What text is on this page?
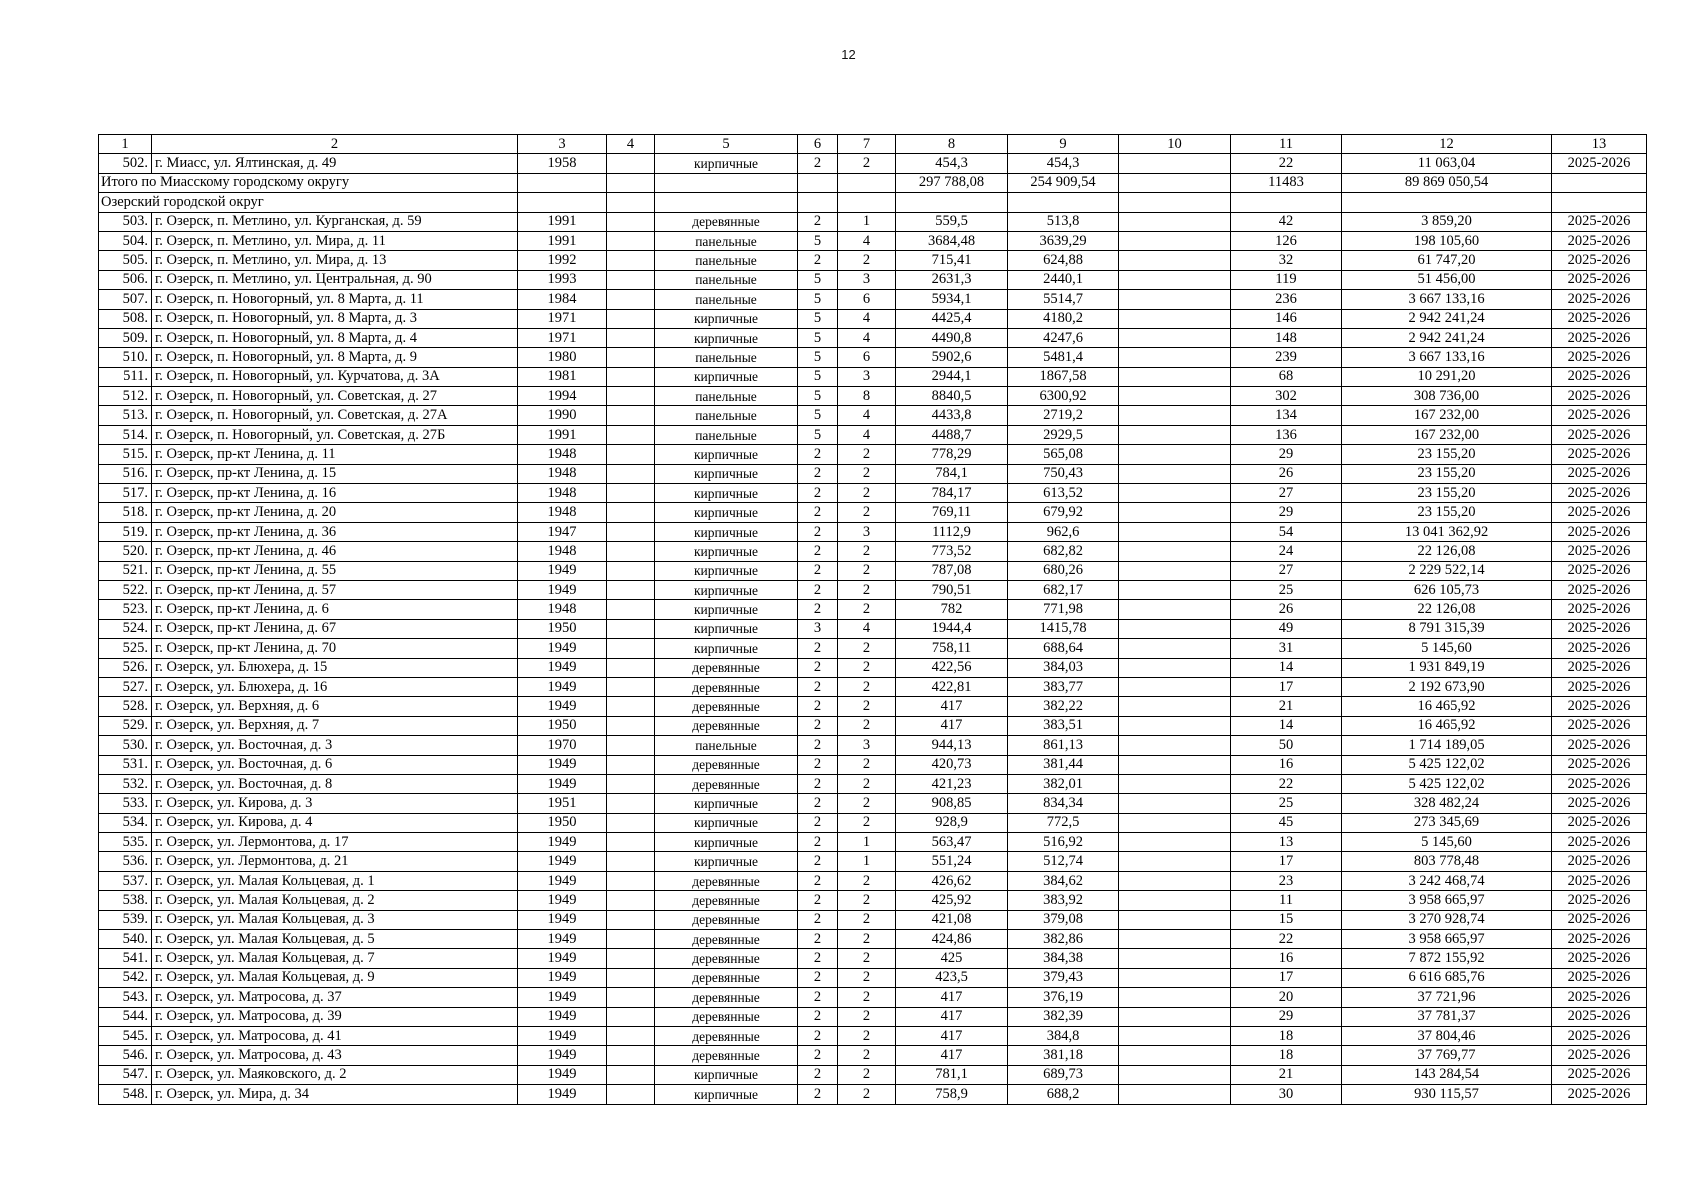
12
1	2	3	4	5	6	7	8	9	10	11	12	13
502.	г. Миасс, ул. Ялтинская, д. 49	1958		кирпичные	2	2	454,3	454,3		22	11 063,04	2025-2026
Итого по Миасскому городскому округу							297 788,08	254 909,54		11483	89 869 050,54	
Озерский городской округ												
503.	г. Озерск, п. Метлино, ул. Курганская, д. 59	1991		деревянные	2	1	559,5	513,8		42	3 859,20	2025-2026
504.	г. Озерск, п. Метлино, ул. Мира, д. 11	1991		панельные	5	4	3684,48	3639,29		126	198 105,60	2025-2026
505.	г. Озерск, п. Метлино, ул. Мира, д. 13	1992		панельные	2	2	715,41	624,88		32	61 747,20	2025-2026
506.	г. Озерск, п. Метлино, ул. Центральная, д. 90	1993		панельные	5	3	2631,3	2440,1		119	51 456,00	2025-2026
507.	г. Озерск, п. Новогорный, ул. 8 Марта, д. 11	1984		панельные	5	6	5934,1	5514,7		236	3 667 133,16	2025-2026
508.	г. Озерск, п. Новогорный, ул. 8 Марта, д. 3	1971		кирпичные	5	4	4425,4	4180,2		146	2 942 241,24	2025-2026
509.	г. Озерск, п. Новогорный, ул. 8 Марта, д. 4	1971		кирпичные	5	4	4490,8	4247,6		148	2 942 241,24	2025-2026
510.	г. Озерск, п. Новогорный, ул. 8 Марта, д. 9	1980		панельные	5	6	5902,6	5481,4		239	3 667 133,16	2025-2026
511.	г. Озерск, п. Новогорный, ул. Курчатова, д. 3А	1981		кирпичные	5	3	2944,1	1867,58		68	10 291,20	2025-2026
512.	г. Озерск, п. Новогорный, ул. Советская, д. 27	1994		панельные	5	8	8840,5	6300,92		302	308 736,00	2025-2026
513.	г. Озерск, п. Новогорный, ул. Советская, д. 27А	1990		панельные	5	4	4433,8	2719,2		134	167 232,00	2025-2026
514.	г. Озерск, п. Новогорный, ул. Советская, д. 27Б	1991		панельные	5	4	4488,7	2929,5		136	167 232,00	2025-2026
515.	г. Озерск, пр-кт Ленина, д. 11	1948		кирпичные	2	2	778,29	565,08		29	23 155,20	2025-2026
516.	г. Озерск, пр-кт Ленина, д. 15	1948		кирпичные	2	2	784,1	750,43		26	23 155,20	2025-2026
517.	г. Озерск, пр-кт Ленина, д. 16	1948		кирпичные	2	2	784,17	613,52		27	23 155,20	2025-2026
518.	г. Озерск, пр-кт Ленина, д. 20	1948		кирпичные	2	2	769,11	679,92		29	23 155,20	2025-2026
519.	г. Озерск, пр-кт Ленина, д. 36	1947		кирпичные	2	3	1112,9	962,6		54	13 041 362,92	2025-2026
520.	г. Озерск, пр-кт Ленина, д. 46	1948		кирпичные	2	2	773,52	682,82		24	22 126,08	2025-2026
521.	г. Озерск, пр-кт Ленина, д. 55	1949		кирпичные	2	2	787,08	680,26		27	2 229 522,14	2025-2026
522.	г. Озерск, пр-кт Ленина, д. 57	1949		кирпичные	2	2	790,51	682,17		25	626 105,73	2025-2026
523.	г. Озерск, пр-кт Ленина, д. 6	1948		кирпичные	2	2	782	771,98		26	22 126,08	2025-2026
524.	г. Озерск, пр-кт Ленина, д. 67	1950		кирпичные	3	4	1944,4	1415,78		49	8 791 315,39	2025-2026
525.	г. Озерск, пр-кт Ленина, д. 70	1949		кирпичные	2	2	758,11	688,64		31	5 145,60	2025-2026
526.	г. Озерск, ул. Блюхера, д. 15	1949		деревянные	2	2	422,56	384,03		14	1 931 849,19	2025-2026
527.	г. Озерск, ул. Блюхера, д. 16	1949		деревянные	2	2	422,81	383,77		17	2 192 673,90	2025-2026
528.	г. Озерск, ул. Верхняя, д. 6	1949		деревянные	2	2	417	382,22		21	16 465,92	2025-2026
529.	г. Озерск, ул. Верхняя, д. 7	1950		деревянные	2	2	417	383,51		14	16 465,92	2025-2026
530.	г. Озерск, ул. Восточная, д. 3	1970		панельные	2	3	944,13	861,13		50	1 714 189,05	2025-2026
531.	г. Озерск, ул. Восточная, д. 6	1949		деревянные	2	2	420,73	381,44		16	5 425 122,02	2025-2026
532.	г. Озерск, ул. Восточная, д. 8	1949		деревянные	2	2	421,23	382,01		22	5 425 122,02	2025-2026
533.	г. Озерск, ул. Кирова, д. 3	1951		кирпичные	2	2	908,85	834,34		25	328 482,24	2025-2026
534.	г. Озерск, ул. Кирова, д. 4	1950		кирпичные	2	2	928,9	772,5		45	273 345,69	2025-2026
535.	г. Озерск, ул. Лермонтова, д. 17	1949		кирпичные	2	1	563,47	516,92		13	5 145,60	2025-2026
536.	г. Озерск, ул. Лермонтова, д. 21	1949		кирпичные	2	1	551,24	512,74		17	803 778,48	2025-2026
537.	г. Озерск, ул. Малая Кольцевая, д. 1	1949		деревянные	2	2	426,62	384,62		23	3 242 468,74	2025-2026
538.	г. Озерск, ул. Малая Кольцевая, д. 2	1949		деревянные	2	2	425,92	383,92		11	3 958 665,97	2025-2026
539.	г. Озерск, ул. Малая Кольцевая, д. 3	1949		деревянные	2	2	421,08	379,08		15	3 270 928,74	2025-2026
540.	г. Озерск, ул. Малая Кольцевая, д. 5	1949		деревянные	2	2	424,86	382,86		22	3 958 665,97	2025-2026
541.	г. Озерск, ул. Малая Кольцевая, д. 7	1949		деревянные	2	2	425	384,38		16	7 872 155,92	2025-2026
542.	г. Озерск, ул. Малая Кольцевая, д. 9	1949		деревянные	2	2	423,5	379,43		17	6 616 685,76	2025-2026
543.	г. Озерск, ул. Матросова, д. 37	1949		деревянные	2	2	417	376,19		20	37 721,96	2025-2026
544.	г. Озерск, ул. Матросова, д. 39	1949		деревянные	2	2	417	382,39		29	37 781,37	2025-2026
545.	г. Озерск, ул. Матросова, д. 41	1949		деревянные	2	2	417	384,8		18	37 804,46	2025-2026
546.	г. Озерск, ул. Матросова, д. 43	1949		деревянные	2	2	417	381,18		18	37 769,77	2025-2026
547.	г. Озерск, ул. Маяковского, д. 2	1949		кирпичные	2	2	781,1	689,73		21	143 284,54	2025-2026
548.	г. Озерск, ул. Мира, д. 34	1949		кирпичные	2	2	758,9	688,2		30	930 115,57	2025-2026
